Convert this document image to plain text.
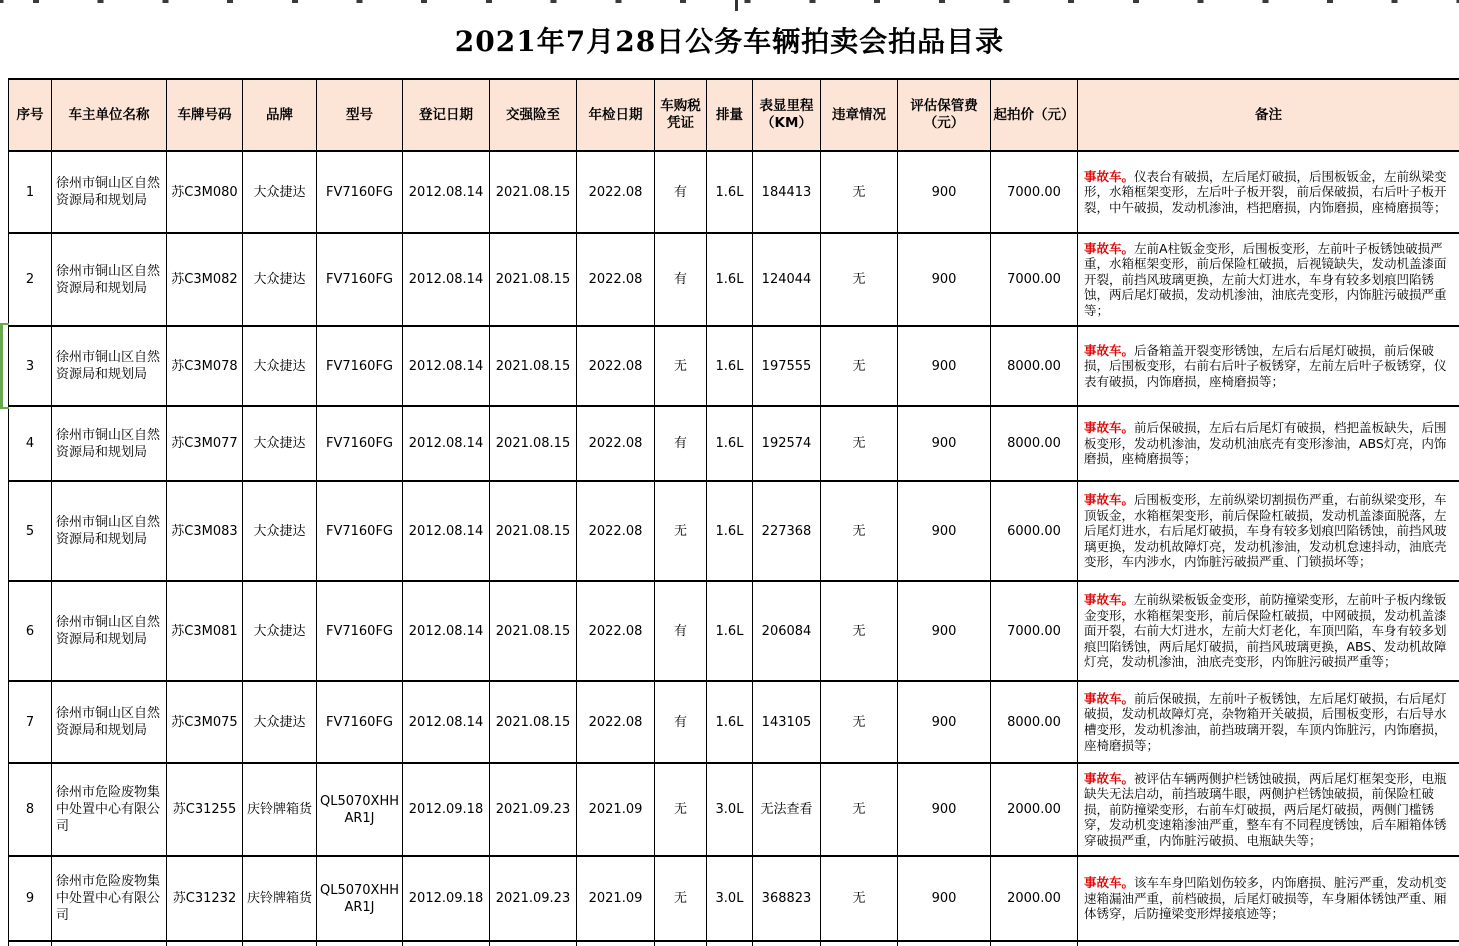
2021年7月28日公务车辆拍卖会拍品目录
序号	车主单位名称	车牌号码	品牌	型号	登记日期	交强险至	年检日期	车购税凭证	排量	表显里程（KM）	违章情况	评估保管费（元）	起拍价（元）	备注
1	徐州市铜山区自然资源局和规划局	苏C3M080	大众捷达	FV7160FG	2012.08.14	2021.08.15	2022.08	有	1.6L	184413	无	900	7000.00	事故车。仪表台有破损，左后尾灯破损，后围板钣金，左前纵梁变形，水箱框架变形，左后叶子板开裂，前后保破损，右后叶子板开裂，中午破损，发动机渗油，档把磨损，内饰磨损，座椅磨损等；
2	徐州市铜山区自然资源局和规划局	苏C3M082	大众捷达	FV7160FG	2012.08.14	2021.08.15	2022.08	有	1.6L	124044	无	900	7000.00	事故车。左前A柱钣金变形，后围板变形，左前叶子板锈蚀破损严重，水箱框架变形，前后保险杠破损，后视镜缺失，发动机盖漆面开裂，前挡风玻璃更换，左前大灯进水，车身有较多划痕凹陷锈蚀，两后尾灯破损，发动机渗油，油底壳变形，内饰脏污破损严重等；
3	徐州市铜山区自然资源局和规划局	苏C3M078	大众捷达	FV7160FG	2012.08.14	2021.08.15	2022.08	无	1.6L	197555	无	900	8000.00	事故车。后备箱盖开裂变形锈蚀，左后右后尾灯破损，前后保破损，后围板变形，右前右后叶子板锈穿，左前左后叶子板锈穿，仪表有破损，内饰磨损，座椅磨损等；
4	徐州市铜山区自然资源局和规划局	苏C3M077	大众捷达	FV7160FG	2012.08.14	2021.08.15	2022.08	有	1.6L	192574	无	900	8000.00	事故车。前后保破损，左后右后尾灯有破损，档把盖板缺失，后围板变形，发动机渗油，发动机油底壳有变形渗油，ABS灯亮，内饰磨损，座椅磨损等；
5	徐州市铜山区自然资源局和规划局	苏C3M083	大众捷达	FV7160FG	2012.08.14	2021.08.15	2022.08	无	1.6L	227368	无	900	6000.00	事故车。后围板变形，左前纵梁切割损伤严重，右前纵梁变形，车顶钣金，水箱框架变形，前后保险杠破损，发动机盖漆面脱落，左后尾灯进水，右后尾灯破损，车身有较多划痕凹陷锈蚀，前挡风玻璃更换，发动机故障灯亮，发动机渗油，发动机怠速抖动，油底壳变形，车内涉水，内饰脏污破损严重、门锁损坏等；
6	徐州市铜山区自然资源局和规划局	苏C3M081	大众捷达	FV7160FG	2012.08.14	2021.08.15	2022.08	有	1.6L	206084	无	900	7000.00	事故车。左前纵梁板钣金变形，前防撞梁变形，左前叶子板内缘钣金变形，水箱框架变形，前后保险杠破损，中网破损，发动机盖漆面开裂，右前大灯进水，左前大灯老化，车顶凹陷，车身有较多划痕凹陷锈蚀，两后尾灯破损，前挡风玻璃更换，ABS、发动机故障灯亮，发动机渗油，油底壳变形，内饰脏污破损严重等；
7	徐州市铜山区自然资源局和规划局	苏C3M075	大众捷达	FV7160FG	2012.08.14	2021.08.15	2022.08	有	1.6L	143105	无	900	8000.00	事故车。前后保破损，左前叶子板锈蚀，左后尾灯破损，右后尾灯破损，发动机故障灯亮，杂物箱开关破损，后围板变形，右后导水槽变形，发动机渗油，前挡玻璃开裂，车顶内饰脏污，内饰磨损，座椅磨损等；
8	徐州市危险废物集中处置中心有限公司	苏C31255	庆铃牌箱货	QL5070XHHAR1J	2012.09.18	2021.09.23	2021.09	无	3.0L	无法查看	无	900	2000.00	事故车。被评估车辆两侧护栏锈蚀破损，两后尾灯框架变形，电瓶缺失无法启动，前挡玻璃牛眼，两侧护栏锈蚀破损，前保险杠破损，前防撞梁变形，右前车灯破损，两后尾灯破损，两侧门槛锈穿，发动机变速箱渗油严重，整车有不同程度锈蚀，后车厢箱体锈穿破损严重，内饰脏污破损、电瓶缺失等；
9	徐州市危险废物集中处置中心有限公司	苏C31232	庆铃牌箱货	QL5070XHHAR1J	2012.09.18	2021.09.23	2021.09	无	3.0L	368823	无	900	2000.00	事故车。该车车身凹陷划伤较多，内饰磨损、脏污严重，发动机变速箱漏油严重，前档破损，后尾灯破损等，车身厢体锈蚀严重、厢体锈穿，后防撞梁变形焊接痕迹等；
